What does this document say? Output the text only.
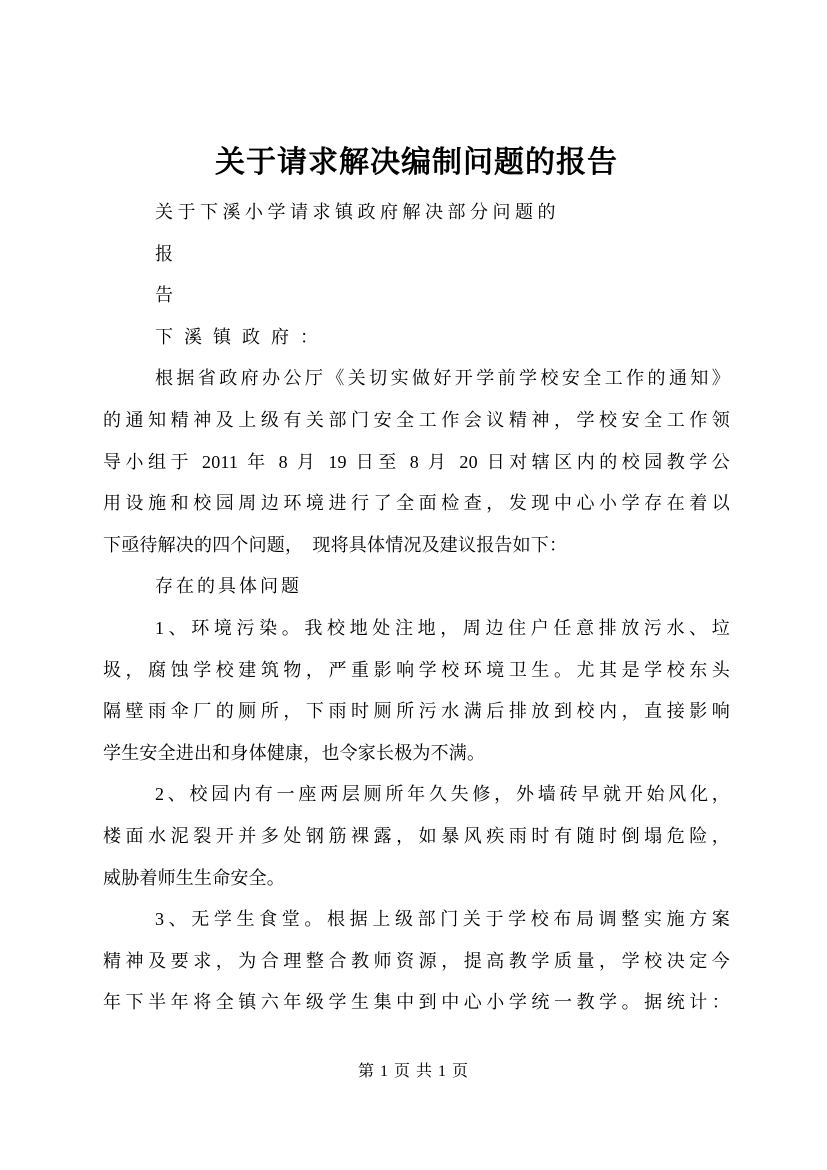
关于请求解决编制问题的报告
关于下溪小学请求镇政府解决部分问题的
报
告
下溪镇政府：
根据省政府办公厅《关切实做好开学前学校安全工作的通知》
的通知精神及上级有关部门安全工作会议精神，学校安全工作领
导小组于 2011 年 8 月 19 日至 8 月 20 日对辖区内的校园教学公
用设施和校园周边环境进行了全面检查，发现中心小学存在着以
下亟待解决的四个问题，　现将具体情况及建议报告如下：
存在的具体问题
1、环境污染。我校地处注地，周边住户任意排放污水、垃
圾，腐蚀学校建筑物，严重影响学校环境卫生。尤其是学校东头
隔壁雨伞厂的厕所，下雨时厕所污水满后排放到校内，直接影响
学生安全进出和身体健康，也令家长极为不满。
2、校园内有一座两层厕所年久失修，外墙砖早就开始风化，
楼面水泥裂开并多处钢筋裸露，如暴风疾雨时有随时倒塌危险，
威胁着师生生命安全。
3、无学生食堂。根据上级部门关于学校布局调整实施方案
精神及要求，为合理整合教师资源，提高教学质量，学校决定今
年下半年将全镇六年级学生集中到中心小学统一教学。据统计：
第 1 页 共 1 页
